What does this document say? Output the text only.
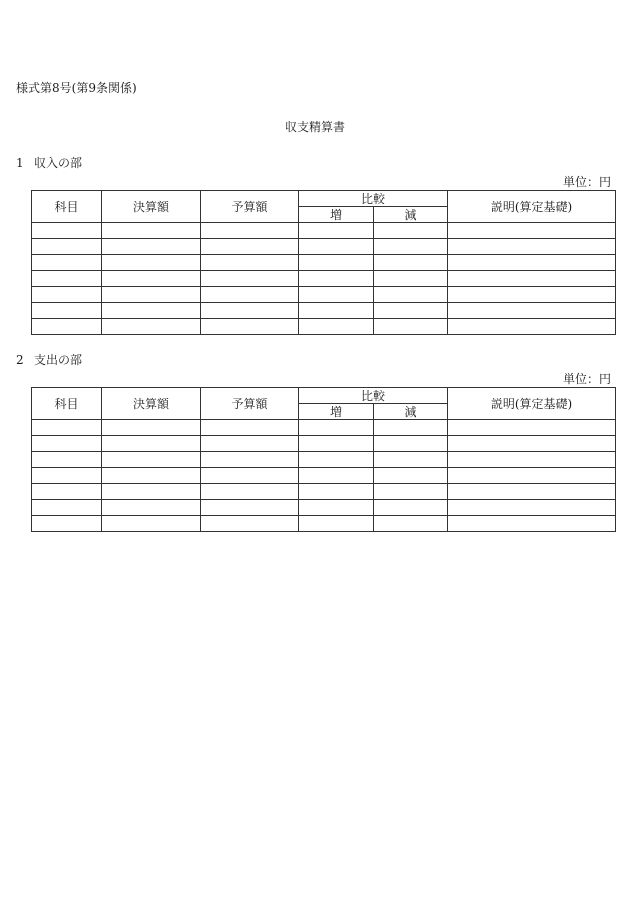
様式第8号(第9条関係)
収支精算書
1 収入の部
単位：円
科目	決算額	予算額	比較		説明(算定基礎)
			増	減	

2 支出の部
単位：円
科目	決算額	予算額	比較		説明(算定基礎)
			増	減	
